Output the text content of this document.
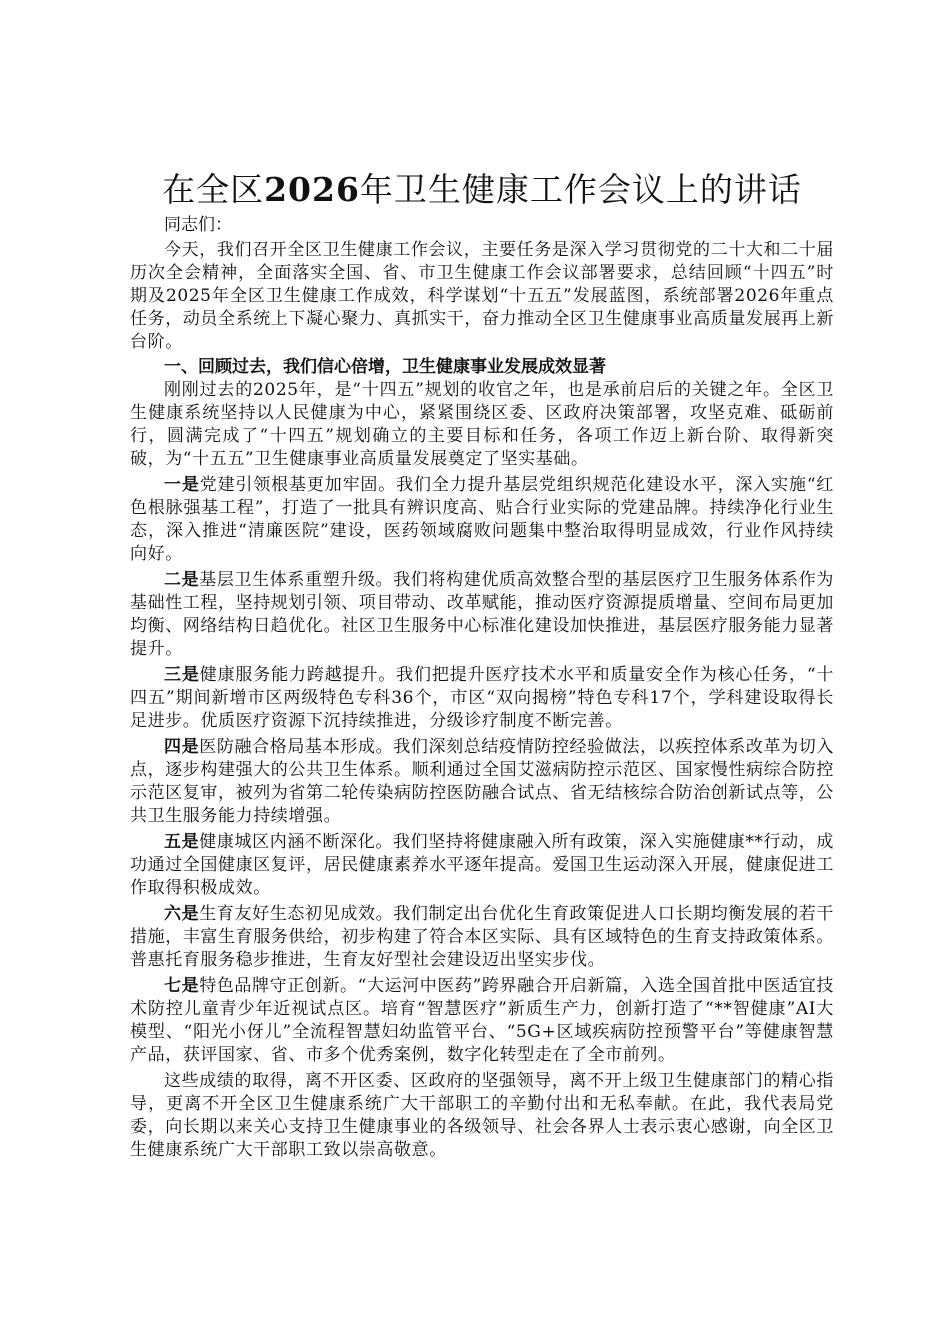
在全区2026年卫生健康工作会议上的讲话

同志们：

今天，我们召开全区卫生健康工作会议，主要任务是深入学习贯彻党的二十大和二十届历次全会精神，全面落实全国、省、市卫生健康工作会议部署要求，总结回顾“十四五”时期及2025年全区卫生健康工作成效，科学谋划“十五五”发展蓝图，系统部署2026年重点任务，动员全系统上下凝心聚力、真抓实干，奋力推动全区卫生健康事业高质量发展再上新台阶。

一、回顾过去，我们信心倍增，卫生健康事业发展成效显著

刚刚过去的2025年，是“十四五”规划的收官之年，也是承前启后的关键之年。全区卫生健康系统坚持以人民健康为中心，紧紧围绕区委、区政府决策部署，攻坚克难、砥砺前行，圆满完成了“十四五”规划确立的主要目标和任务，各项工作迈上新台阶、取得新突破，为“十五五”卫生健康事业高质量发展奠定了坚实基础。

一是党建引领根基更加牢固。我们全力提升基层党组织规范化建设水平，深入实施“红色根脉强基工程”，打造了一批具有辨识度高、贴合行业实际的党建品牌。持续净化行业生态，深入推进“清廉医院”建设，医药领域腐败问题集中整治取得明显成效，行业作风持续向好。

二是基层卫生体系重塑升级。我们将构建优质高效整合型的基层医疗卫生服务体系作为基础性工程，坚持规划引领、项目带动、改革赋能，推动医疗资源提质增量、空间布局更加均衡、网络结构日趋优化。社区卫生服务中心标准化建设加快推进，基层医疗服务能力显著提升。

三是健康服务能力跨越提升。我们把提升医疗技术水平和质量安全作为核心任务，“十四五”期间新增市区两级特色专科36个，市区“双向揭榜”特色专科17个，学科建设取得长足进步。优质医疗资源下沉持续推进，分级诊疗制度不断完善。

四是医防融合格局基本形成。我们深刻总结疫情防控经验做法，以疾控体系改革为切入点，逐步构建强大的公共卫生体系。顺利通过全国艾滋病防控示范区、国家慢性病综合防控示范区复审，被列为省第二轮传染病防控医防融合试点、省无结核综合防治创新试点等，公共卫生服务能力持续增强。

五是健康城区内涵不断深化。我们坚持将健康融入所有政策，深入实施健康**行动，成功通过全国健康区复评，居民健康素养水平逐年提高。爱国卫生运动深入开展，健康促进工作取得积极成效。

六是生育友好生态初见成效。我们制定出台优化生育政策促进人口长期均衡发展的若干措施，丰富生育服务供给，初步构建了符合本区实际、具有区域特色的生育支持政策体系。普惠托育服务稳步推进，生育友好型社会建设迈出坚实步伐。

七是特色品牌守正创新。“大运河中医药”跨界融合开启新篇，入选全国首批中医适宜技术防控儿童青少年近视试点区。培育“智慧医疗”新质生产力，创新打造了“**智健康”AI大模型、“阳光小伢儿”全流程智慧妇幼监管平台、“5G+区域疾病防控预警平台”等健康智慧产品，获评国家、省、市多个优秀案例，数字化转型走在了全市前列。

这些成绩的取得，离不开区委、区政府的坚强领导，离不开上级卫生健康部门的精心指导，更离不开全区卫生健康系统广大干部职工的辛勤付出和无私奉献。在此，我代表局党委，向长期以来关心支持卫生健康事业的各级领导、社会各界人士表示衷心感谢，向全区卫生健康系统广大干部职工致以崇高敬意。
